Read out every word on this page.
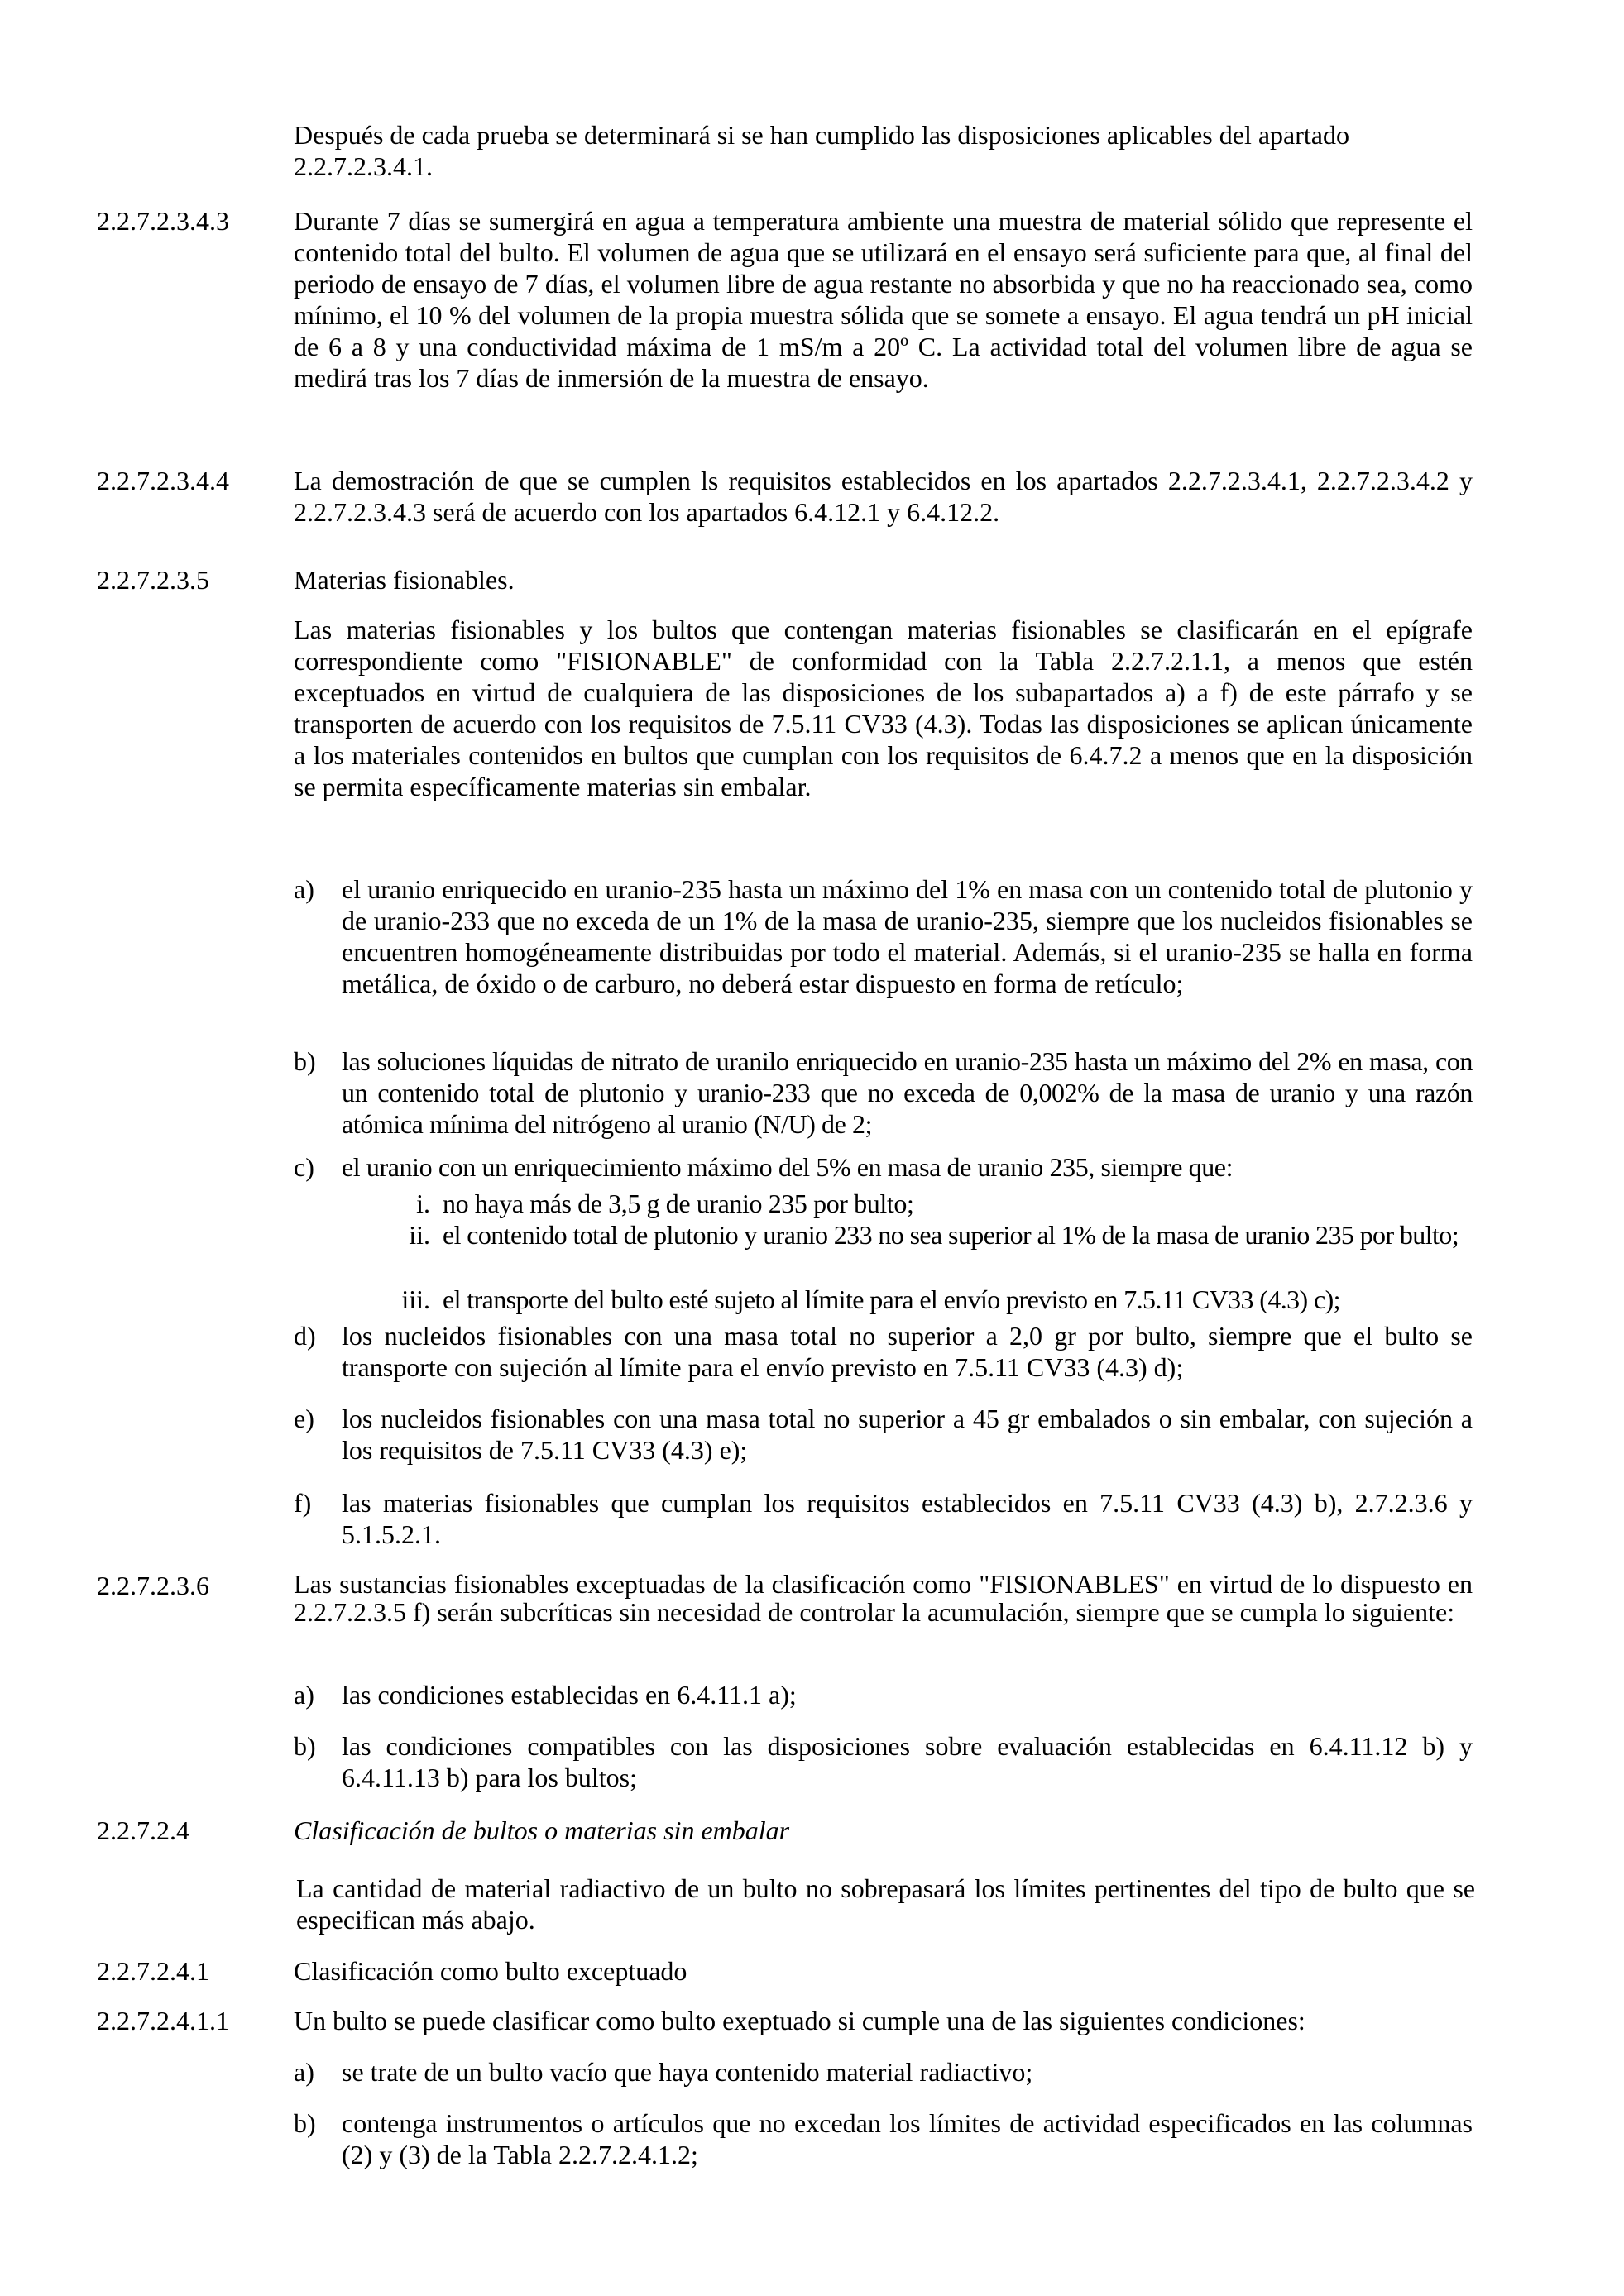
Después de cada prueba se determinará si se han cumplido las disposiciones aplicables del apartado 2.2.7.2.3.4.1.
2.2.7.2.3.4.3	Durante 7 días se sumergirá en agua a temperatura ambiente una muestra de material sólido que represente el contenido total del bulto. El volumen de agua que se utilizará en el ensayo será suficiente para que, al final del periodo de ensayo de 7 días, el volumen libre de agua restante no absorbida y que no ha reaccionado sea, como mínimo, el 10 % del volumen de la propia muestra sólida que se somete a ensayo. El agua tendrá un pH inicial de 6 a 8 y una conductividad máxima de 1 mS/m a 20º C. La actividad total del volumen libre de agua se medirá tras los 7 días de inmersión de la muestra de ensayo.
2.2.7.2.3.4.4	La demostración de que se cumplen ls requisitos establecidos en los apartados 2.2.7.2.3.4.1, 2.2.7.2.3.4.2 y 2.2.7.2.3.4.3 será de acuerdo con los apartados 6.4.12.1 y 6.4.12.2.
2.2.7.2.3.5	Materias fisionables.
Las materias fisionables y los bultos que contengan materias fisionables se clasificarán en el epígrafe correspondiente como "FISIONABLE" de conformidad con la Tabla 2.2.7.2.1.1, a menos que estén exceptuados en virtud de cualquiera de las disposiciones de los subapartados a) a f) de este párrafo y se transporten de acuerdo con los requisitos de 7.5.11 CV33 (4.3). Todas las disposiciones se aplican únicamente a los materiales contenidos en bultos que cumplan con los requisitos de 6.4.7.2 a menos que en la disposición se permita específicamente materias sin embalar.
a)	el uranio enriquecido en uranio-235 hasta un máximo del 1% en masa con un contenido total de plutonio y de uranio-233 que no exceda de un 1% de la masa de uranio-235, siempre que los nucleidos fisionables se encuentren homogéneamente distribuidas por todo el material. Además, si el uranio-235 se halla en forma metálica, de óxido o de carburo, no deberá estar dispuesto en forma de retículo;
b) las soluciones líquidas de nitrato de uranilo enriquecido en uranio-235 hasta un máximo del 2% en masa, con un contenido total de plutonio y uranio-233 que no exceda de 0,002% de la masa de uranio y una razón atómica mínima del nitrógeno al uranio (N/U) de 2;
c)	el uranio con un enriquecimiento máximo del 5% en masa de uranio 235, siempre que:
i. no haya más de 3,5 g de uranio 235 por bulto;
ii. el contenido total de plutonio y uranio 233 no sea superior al 1% de la masa de uranio 235 por bulto;
iii. el transporte del bulto esté sujeto al límite para el envío previsto en 7.5.11 CV33 (4.3) c);
d) los nucleidos fisionables con una masa total no superior a 2,0 gr por bulto, siempre que el bulto se transporte con sujeción al límite para el envío previsto en 7.5.11 CV33 (4.3) d);
e)	los nucleidos fisionables con una masa total no superior a 45 gr embalados o sin embalar, con sujeción a los requisitos de 7.5.11 CV33 (4.3) e);
f)	las materias fisionables que cumplan los requisitos establecidos en 7.5.11 CV33 (4.3) b), 2.7.2.3.6 y 5.1.5.2.1.
2.2.7.2.3.6	Las sustancias fisionables exceptuadas de la clasificación como "FISIONABLES" en virtud de lo dispuesto en 2.2.7.2.3.5 f) serán subcríticas sin necesidad de controlar la acumulación, siempre que se cumpla lo siguiente:
a)	las condiciones establecidas en 6.4.11.1 a);
b) las condiciones compatibles con las disposiciones sobre evaluación establecidas en 6.4.11.12 b) y 6.4.11.13 b) para los bultos;
2.2.7.2.4	Clasificación de bultos o materias sin embalar
La cantidad de material radiactivo de un bulto no sobrepasará los límites pertinentes del tipo de bulto que se especifican más abajo.
2.2.7.2.4.1	Clasificación como bulto exceptuado
2.2.7.2.4.1.1	Un bulto se puede clasificar como bulto exeptuado si cumple una de las siguientes condiciones:
a)	se trate de un bulto vacío que haya contenido material radiactivo;
b) contenga instrumentos o artículos que no excedan los límites de actividad especificados en las columnas (2) y (3) de la Tabla 2.2.7.2.4.1.2;
